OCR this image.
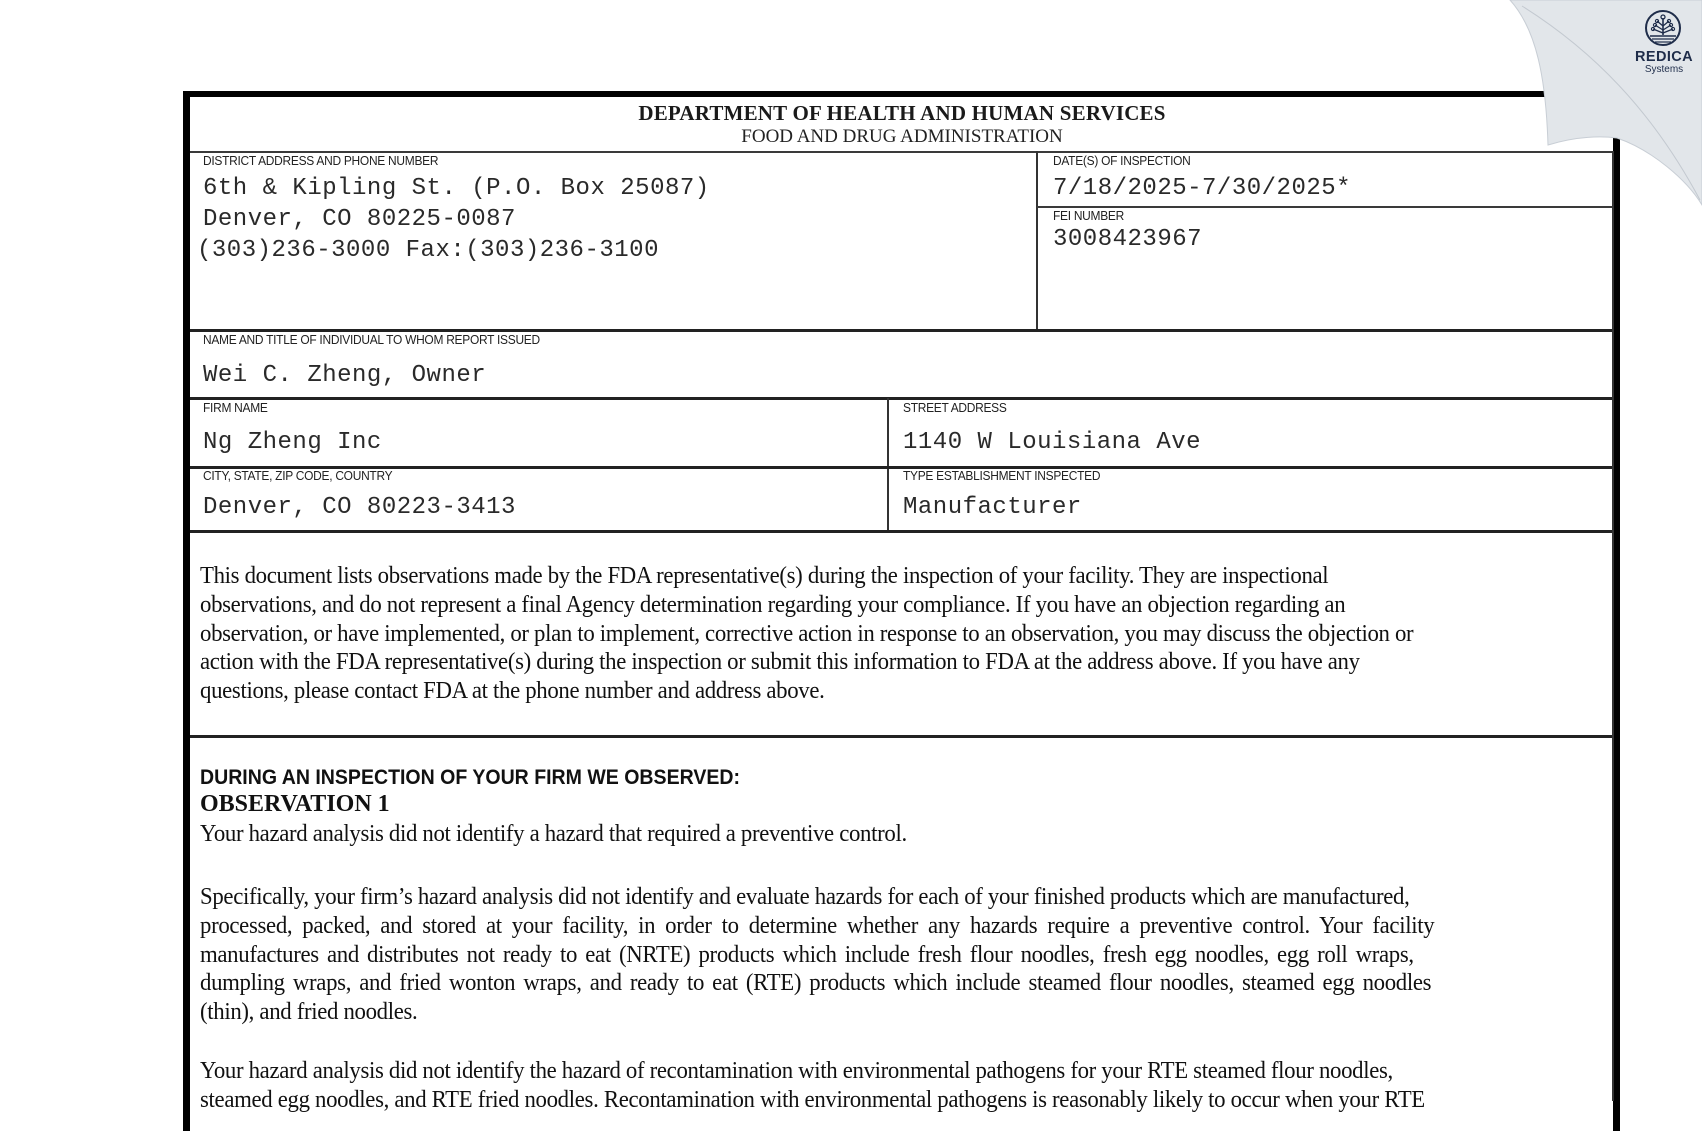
DEPARTMENT OF HEALTH AND HUMAN SERVICES
FOOD AND DRUG ADMINISTRATION
DISTRICT ADDRESS AND PHONE NUMBER
6th & Kipling St. (P.O. Box 25087)
Denver, CO 80225-0087
(303)236-3000 Fax:(303)236-3100
DATE(S) OF INSPECTION
7/18/2025-7/30/2025*
FEI NUMBER
3008423967
NAME AND TITLE OF INDIVIDUAL TO WHOM REPORT ISSUED
Wei C. Zheng, Owner
FIRM NAME
Ng Zheng Inc
STREET ADDRESS
1140 W Louisiana Ave
CITY, STATE, ZIP CODE, COUNTRY
Denver, CO 80223-3413
TYPE ESTABLISHMENT INSPECTED
Manufacturer
This document lists observations made by the FDA representative(s) during the inspection of your facility. They are inspectional
observations, and do not represent a final Agency determination regarding your compliance. If you have an objection regarding an
observation, or have implemented, or plan to implement, corrective action in response to an observation, you may discuss the objection or
action with the FDA representative(s) during the inspection or submit this information to FDA at the address above. If you have any
questions, please contact FDA at the phone number and address above.
DURING AN INSPECTION OF YOUR FIRM WE OBSERVED:
OBSERVATION 1
Your hazard analysis did not identify a hazard that required a preventive control.
Specifically, your firm’s hazard analysis did not identify and evaluate hazards for each of your finished products which are manufactured,
processed, packed, and stored at your facility, in order to determine whether any hazards require a preventive control. Your facility
manufactures and distributes not ready to eat (NRTE) products which include fresh flour noodles, fresh egg noodles, egg roll wraps,
dumpling wraps, and fried wonton wraps, and ready to eat (RTE) products which include steamed flour noodles, steamed egg noodles
(thin), and fried noodles.
Your hazard analysis did not identify the hazard of recontamination with environmental pathogens for your RTE steamed flour noodles,
steamed egg noodles, and RTE fried noodles. Recontamination with environmental pathogens is reasonably likely to occur when your RTE
REDICA
Systems
